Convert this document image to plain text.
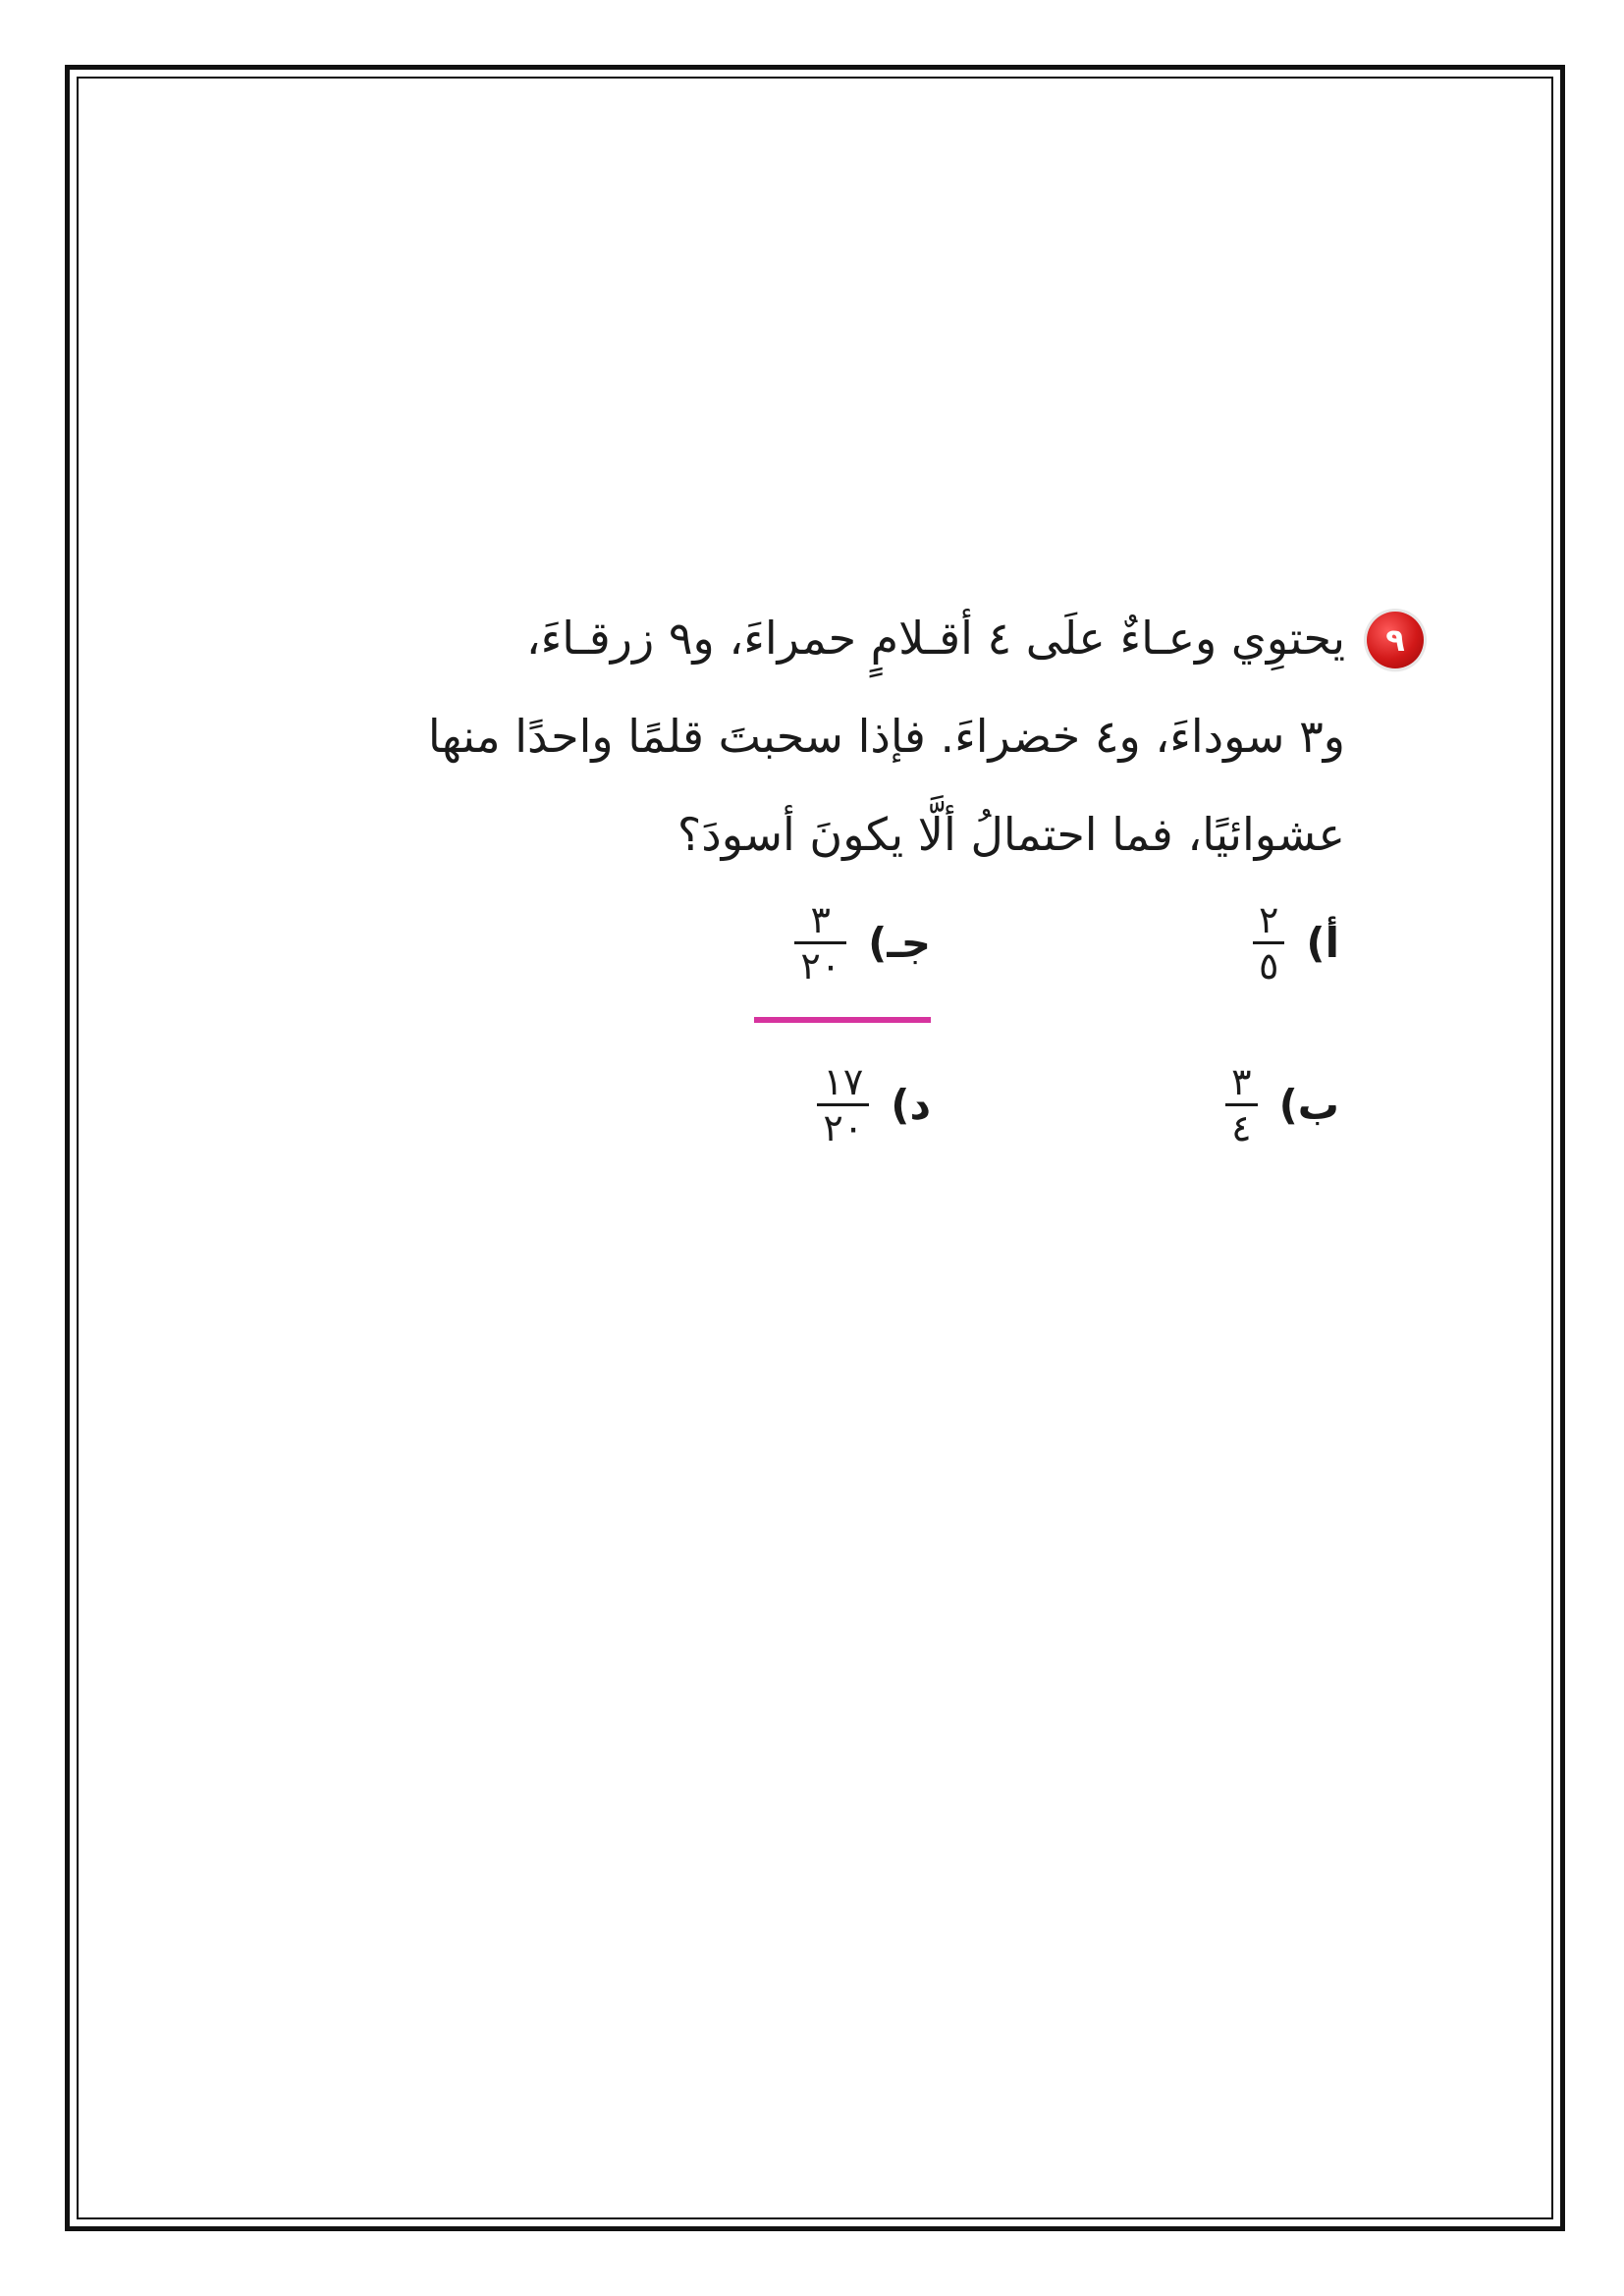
٩
يحتوِي وعـاءٌ علَى ٤ أقـلامٍ حمراءَ، و٩ زرقـاءَ،
و٣ سوداءَ، و٤ خضراءَ. فإذا سحبتَ قلمًا واحدًا منها
عشوائيًا، فما احتمالُ ألَّا يكونَ أسودَ؟
أ)
$\frac{٢}{٥}$
جـ)
$\frac{٣}{٢٠}$
ب)
$\frac{٣}{٤}$
د)
$\frac{١٧}{٢٠}$
